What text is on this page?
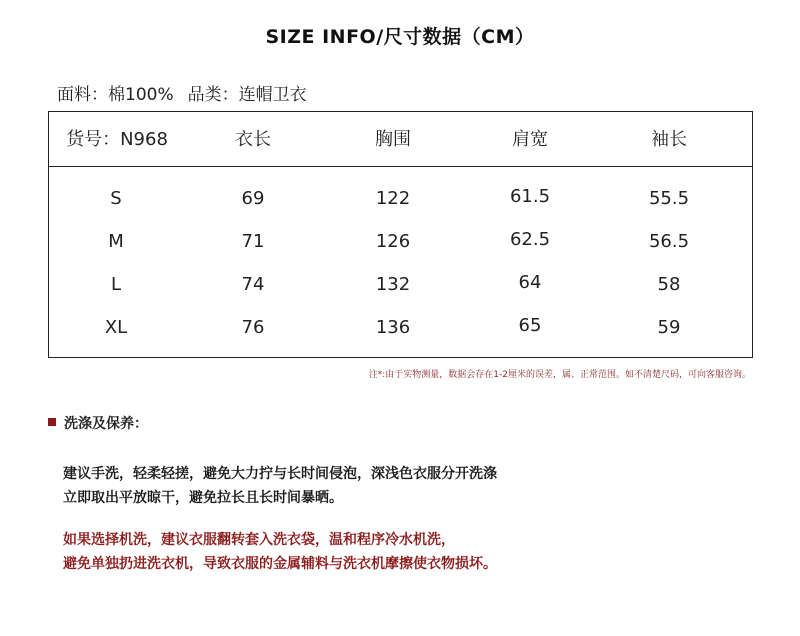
SIZE INFO/尺寸数据（CM）
面料：棉100% 品类：连帽卫衣
货号：N968	衣长	胸围	肩宽	袖长
S	69	122	61.5	55.5
M	71	126	62.5	56.5
L	74	132	64	58
XL	76	136	65	59
注*:由于实物测量，数据会存在1-2厘米的误差，属、正常范围。如不清楚尺码，可向客服咨询。
洗涤及保养：
建议手洗，轻柔轻搓，避免大力拧与长时间侵泡，深浅色衣服分开洗涤
立即取出平放晾干，避免拉长且长时间暴晒。
如果选择机洗，建议衣服翻转套入洗衣袋，温和程序冷水机洗，
避免单独扔进洗衣机，导致衣服的金属辅料与洗衣机摩擦使衣物损坏。
